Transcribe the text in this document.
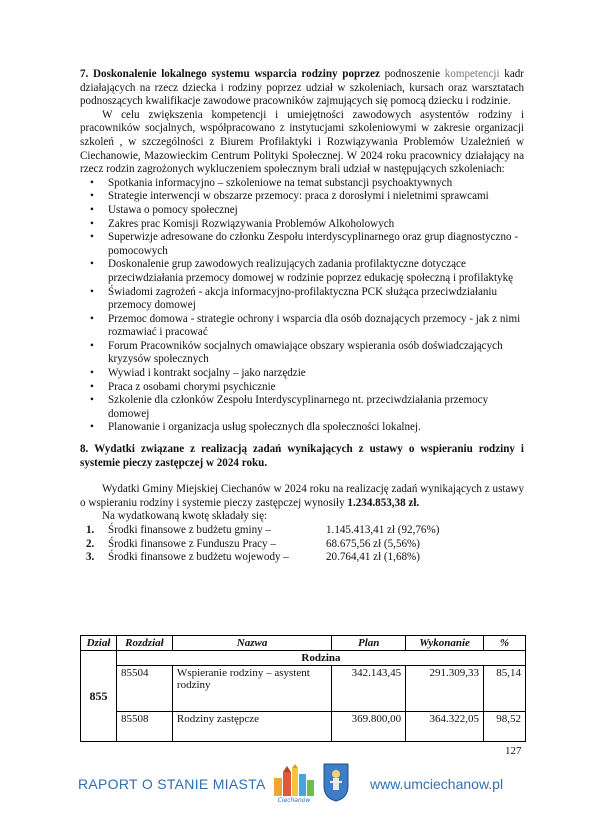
7. Doskonalenie lokalnego systemu wsparcia rodziny poprzez podnoszenie kompetencji kadr działających na rzecz dziecka i rodziny poprzez udział w szkoleniach, kursach oraz warsztatach podnoszących kwalifikacje zawodowe pracowników zajmujących się pomocą dziecku i rodzinie.

W celu zwiększenia kompetencji i umiejętności zawodowych asystentów rodziny i pracowników socjalnych, współpracowano z instytucjami szkoleniowymi w zakresie organizacji szkoleń , w szczególności z Biurem Profilaktyki i Rozwiązywania Problemów Uzależnień w Ciechanowie, Mazowieckim Centrum Polityki Społecznej. W 2024 roku pracownicy działający na rzecz rodzin zagrożonych wykluczeniem społecznym brali udział w następujących szkoleniach:

• Spotkania informacyjno – szkoleniowe na temat substancji psychoaktywnych
• Strategie interwencji w obszarze przemocy: praca z dorosłymi i nieletnimi sprawcami
• Ustawa o pomocy społecznej
• Zakres prac Komisji Rozwiązywania Problemów Alkoholowych
• Superwizje adresowane do członku Zespołu interdyscyplinarnego oraz grup diagnostyczno -pomocowych
• Doskonalenie grup zawodowych realizujących zadania profilaktyczne dotyczące przeciwdziałania przemocy domowej w rodzinie poprzez edukację społeczną i profilaktykę
• Świadomi zagrożeń - akcja informacyjno-profilaktyczna PCK służąca przeciwdziałaniu przemocy domowej
• Przemoc domowa - strategie ochrony i wsparcia dla osób doznających przemocy - jak z nimi rozmawiać i pracować
• Forum Pracowników socjalnych omawiające obszary wspierania osób doświadczających kryzysów społecznych
• Wywiad i kontrakt socjalny – jako narzędzie
• Praca z osobami chorymi psychicznie
• Szkolenie dla członków Zespołu Interdyscyplinarnego nt. przeciwdziałania przemocy domowej
• Planowanie i organizacja usług społecznych dla społeczności lokalnej.

8. Wydatki związane z realizacją zadań wynikających z ustawy o wspieraniu rodziny i systemie pieczy zastępczej w 2024 roku.

Wydatki Gminy Miejskiej Ciechanów w 2024 roku na realizację zadań wynikających z ustawy o wspieraniu rodziny i systemie pieczy zastępczej wynosiły 1.234.853,38 zł.

Na wydatkowaną kwotę składały się:

1. Środki finansowe z budżetu gminy –	1.145.413,41 zł (92,76%)
2. Środki finansowe z Funduszu Pracy –	68.675,56 zł (5,56%)
3. Środki finansowe z budżetu wojewody –	20.764,41 zł (1,68%)
Dział	Rozdział	Nazwa	Plan	Wykonanie	%
855	Rodzina				
	85504	Wspieranie rodziny – asystent rodziny	342.143,45	291.309,33	85,14
	85508	Rodziny zastępcze	369.800,00	364.322,05	98,52
127
RAPORT O STANIE MIASTA
Ciechanów
www.umciechanow.pl
